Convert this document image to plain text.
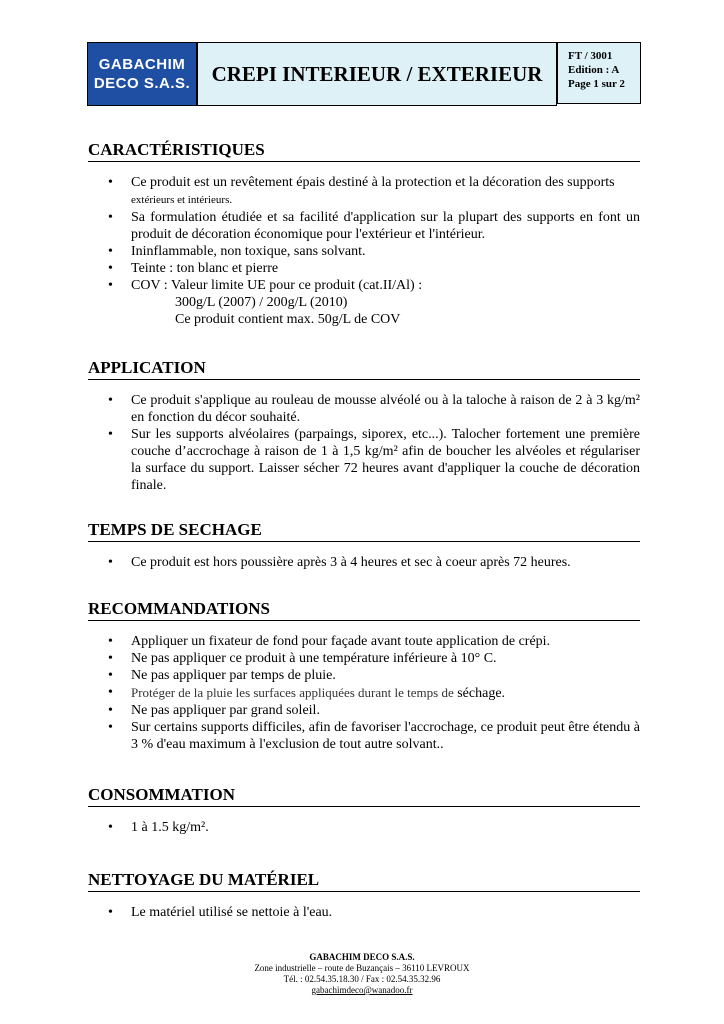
GABACHIM
DECO S.A.S.	CREPI INTERIEUR / EXTERIEUR
FT / 3001
Edition : A
Page 1 sur 2
CARACTÉRISTIQUES
• Ce produit est un revêtement épais destiné à la protection et la décoration des supports
extérieurs et intérieurs.
• Sa formulation étudiée et sa facilité d'application sur la plupart des supports en font un produit de décoration économique pour l'extérieur et l'intérieur.
• Ininflammable, non toxique, sans solvant.
• Teinte : ton blanc et pierre
• COV : Valeur limite UE pour ce produit (cat.II/Al) :
300g/L (2007) / 200g/L (2010)
Ce produit contient max. 50g/L de COV
APPLICATION
• Ce produit s'applique au rouleau de mousse alvéolé ou à la taloche à raison de 2 à 3 kg/m² en fonction du décor souhaité.
• Sur les supports alvéolaires (parpaings, siporex, etc...). Talocher fortement une première couche d’accrochage à raison de 1 à 1,5 kg/m² afin de boucher les alvéoles et régulariser la surface du support. Laisser sécher 72 heures avant d'appliquer la couche de décoration finale.
TEMPS DE SECHAGE
• Ce produit est hors poussière après 3 à 4 heures et sec à coeur après 72 heures.
RECOMMANDATIONS
• Appliquer un fixateur de fond pour façade avant toute application de crépi.
• Ne pas appliquer ce produit à une température inférieure à 10° C.
• Ne pas appliquer par temps de pluie.
• Protéger de la pluie les surfaces appliquées durant le temps de séchage.
• Ne pas appliquer par grand soleil.
• Sur certains supports difficiles, afin de favoriser l'accrochage, ce produit peut être étendu à 3 % d'eau maximum à l'exclusion de tout autre solvant..
CONSOMMATION
• 1 à 1.5 kg/m².
NETTOYAGE DU MATÉRIEL
• Le matériel utilisé se nettoie à l'eau.
GABACHIM DECO S.A.S.
Zone industrielle – route de Buzançais – 36110 LEVROUX
Tél. : 02.54.35.18.30 / Fax : 02.54.35.32.96
gabachimdeco@wanadoo.fr
